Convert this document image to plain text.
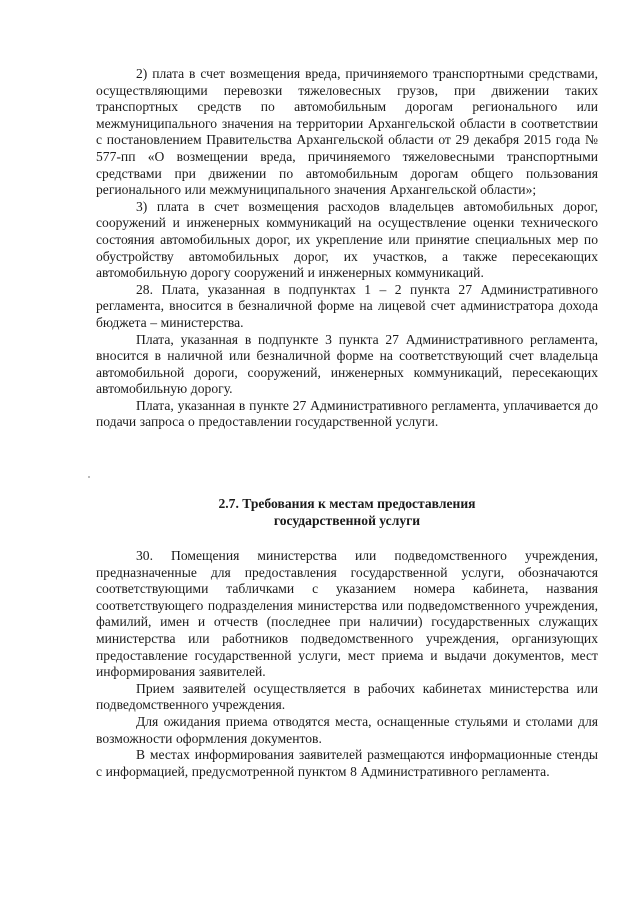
2) плата в счет возмещения вреда, причиняемого транспортными средствами, осуществляющими перевозки тяжеловесных грузов, при движении таких транспортных средств по автомобильным дорогам регионального или межмуниципального значения на территории Архангельской области в соответствии с постановлением Правительства Архангельской области от 29 декабря 2015 года № 577-пп «О возмещении вреда, причиняемого тяжеловесными транспортными средствами при движении по автомобильным дорогам общего пользования регионального или межмуниципального значения Архангельской области»;

3) плата в счет возмещения расходов владельцев автомобильных дорог, сооружений и инженерных коммуникаций на осуществление оценки технического состояния автомобильных дорог, их укрепление или принятие специальных мер по обустройству автомобильных дорог, их участков, а также пересекающих автомобильную дорогу сооружений и инженерных коммуникаций.

28. Плата, указанная в подпунктах 1 – 2 пункта 27 Административного регламента, вносится в безналичной форме на лицевой счет администратора дохода бюджета – министерства.

Плата, указанная в подпункте 3 пункта 27 Административного регламента, вносится в наличной или безналичной форме на соответствующий счет владельца автомобильной дороги, сооружений, инженерных коммуникаций, пересекающих автомобильную дорогу.

Плата, указанная в пункте 27 Административного регламента, уплачивается до подачи запроса о предоставлении государственной услуги.

2.7. Требования к местам предоставления
государственной услуги

30. Помещения министерства или подведомственного учреждения, предназначенные для предоставления государственной услуги, обозначаются соответствующими табличками с указанием номера кабинета, названия соответствующего подразделения министерства или подведомственного учреждения, фамилий, имен и отчеств (последнее при наличии) государственных служащих министерства или работников подведомственного учреждения, организующих предоставление государственной услуги, мест приема и выдачи документов, мест информирования заявителей.

Прием заявителей осуществляется в рабочих кабинетах министерства или подведомственного учреждения.

Для ожидания приема отводятся места, оснащенные стульями и столами для возможности оформления документов.

В местах информирования заявителей размещаются информационные стенды с информацией, предусмотренной пунктом 8 Административного регламента.
